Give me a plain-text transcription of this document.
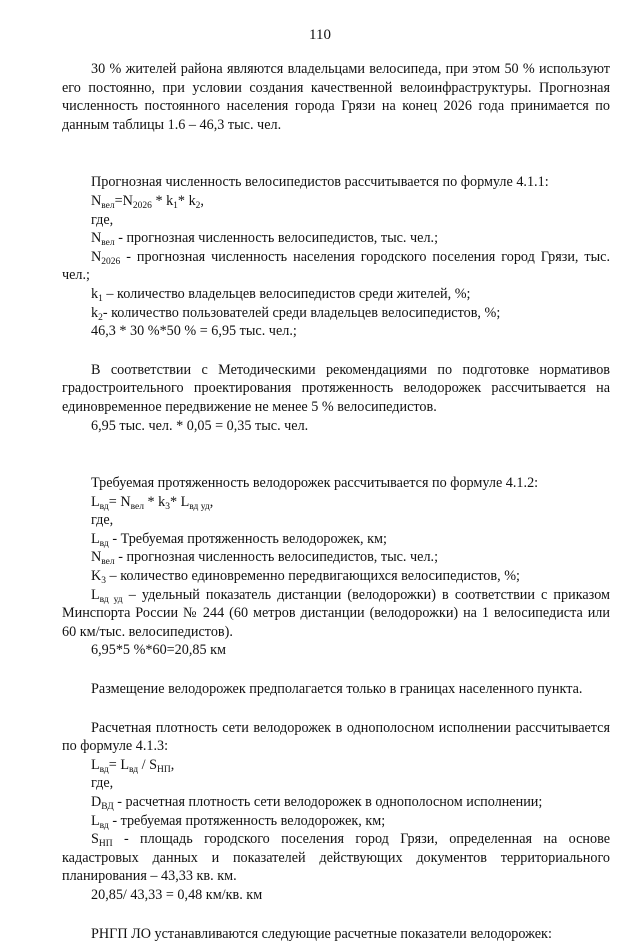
110

30 % жителей района являются владельцами велосипеда, при этом 50 % используют его постоянно, при условии создания качественной велоинфраструктуры. Прогнозная численность постоянного населения города Грязи на конец 2026 года принимается по данным таблицы 1.6 – 46,3 тыс. чел.

Прогнозная численность велосипедистов рассчитывается по формуле 4.1.1:

$N_{вел}=N_{2026} * k_1*$ $k_2$,

где,

$N_{вел}$ - прогнозная численность велосипедистов, тыс. чел.;

$N_{2026}$ - прогнозная численность населения городского поселения город Грязи, тыс. чел.;

$k_1$ – количество владельцев велосипедистов среди жителей, %;

$k_2-$ количество пользователей среди владельцев велосипедистов, %;

46,3 * 30 %*50 % = 6,95 тыс. чел.;

В соответствии с Методическими рекомендациями по подготовке нормативов градостроительного проектирования протяженность велодорожек рассчитывается на единовременное передвижение не менее 5 % велосипедистов.

6,95 тыс. чел. * 0,05 = 0,35 тыс. чел.

Требуемая протяженность велодорожек рассчитывается по формуле 4.1.2:

$L_{вд}= N_{вел} * k_3*$ $L_{вд уд}$,

где,

$L_{вд}$ - Требуемая протяженность велодорожек, км;

$N_{вел}$ - прогнозная численность велосипедистов, тыс. чел.;

$K_3$ – количество единовременно передвигающихся велосипедистов, %;

$L_{вд уд}$ – удельный показатель дистанции (велодорожки) в соответствии с приказом Минспорта России № 244 (60 метров дистанции (велодорожки) на 1 велосипедиста или 60 км/тыс. велосипедистов).

6,95*5 %*60=20,85 км

Размещение велодорожек предполагается только в границах населенного пункта.

Расчетная плотность сети велодорожек в однополосном исполнении рассчитывается по формуле 4.1.3:

$L_{вд}= L_{вд} / S_{НП}$,

где,

$D_{ВД}$ - расчетная плотность сети велодорожек в однополосном исполнении;

$L_{вд}$ - требуемая протяженность велодорожек, км;

$S_{НП}$ - площадь городского поселения город Грязи, определенная на основе кадастровых данных и показателей действующих документов территориального планирования – 43,33 кв. км.

20,85/ 43,33 = 0,48 км/кв. км

РНГП ЛО устанавливаются следующие расчетные показатели велодорожек:
